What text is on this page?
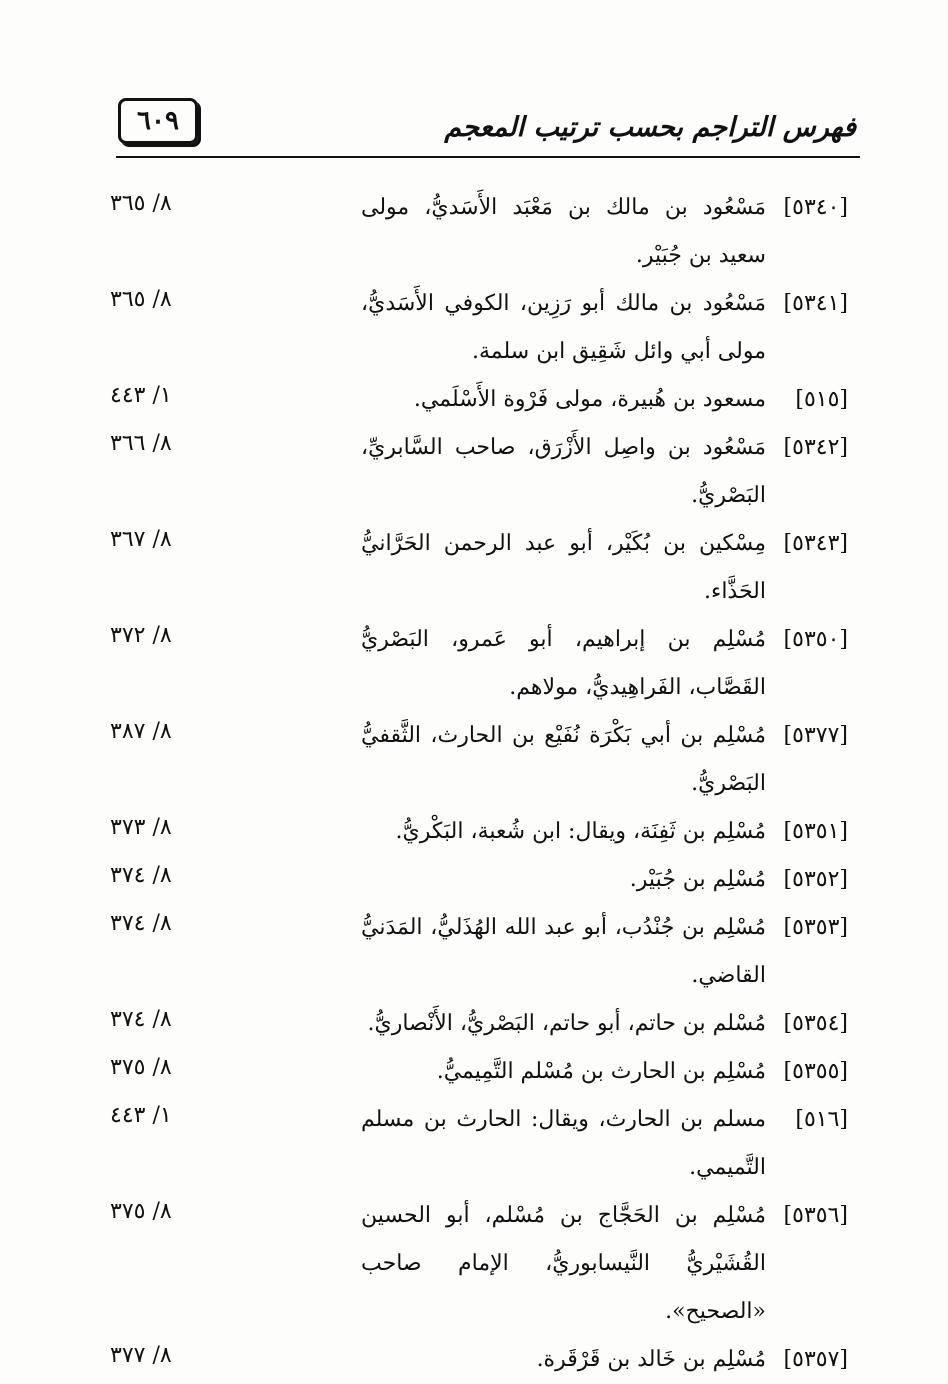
٦٠٩	فهرس التراجم بحسب ترتيب المعجم
[٥٣٤٠]
مَسْعُود بن مالك بن مَعْبَد الأَسَديُّ، مولى سعيد بن جُبَيْر.
٨/ ٣٦٥
[٥٣٤١]
مَسْعُود بن مالك أبو رَزِين، الكوفي الأَسَديُّ، مولى أبي وائل شَقِيق ابن سلمة.
٨/ ٣٦٥
[٥١٥]
مسعود بن هُبيرة، مولى فَرْوة الأَسْلَمي.
١/ ٤٤٣
[٥٣٤٢]
مَسْعُود بن واصِل الأَزْرَق، صاحب السَّابريِّ، البَصْريُّ.
٨/ ٣٦٦
[٥٣٤٣]
مِسْكين بن بُكَيْر، أبو عبد الرحمن الحَرَّانيُّ الحَذَّاء.
٨/ ٣٦٧
[٥٣٥٠]
مُسْلِم بن إبراهيم، أبو عَمرو، البَصْريُّ القَصَّاب، الفَراهِيديُّ، مولاهم.
٨/ ٣٧٢
[٥٣٧٧]
مُسْلِم بن أبي بَكْرَة نُفَيْع بن الحارث، الثَّقفيُّ البَصْريُّ.
٨/ ٣٨٧
[٥٣٥١]
مُسْلِم بن ثَفِنَة، ويقال: ابن شُعبة، البَكْريُّ.
٨/ ٣٧٣
[٥٣٥٢]
مُسْلِم بن جُبَيْر.
٨/ ٣٧٤
[٥٣٥٣]
مُسْلِم بن جُنْدُب، أبو عبد الله الهُذَليُّ، المَدَنيُّ القاضي.
٨/ ٣٧٤
[٥٣٥٤]
مُسْلم بن حاتم، أبو حاتم، البَصْريُّ، الأَنْصاريُّ.
٨/ ٣٧٤
[٥٣٥٥]
مُسْلِم بن الحارث بن مُسْلم التَّمِيميُّ.
٨/ ٣٧٥
[٥١٦]
مسلم بن الحارث، ويقال: الحارث بن مسلم التَّميمي.
١/ ٤٤٣
[٥٣٥٦]
مُسْلِم بن الحَجَّاج بن مُسْلم، أبو الحسين القُشَيْريُّ النَّيسابوريُّ، الإمام صاحب «الصحيح».
٨/ ٣٧٥
[٥٣٥٧]
مُسْلِم بن خَالد بن قَرْقَرة.
٨/ ٣٧٧
